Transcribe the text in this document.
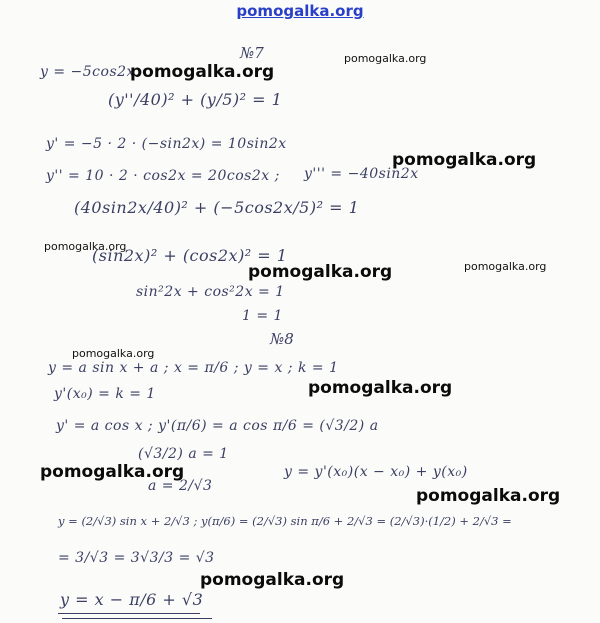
pomogalka.org
№7
y = −5cos2x
(y''/40)² + (y/5)² = 1
y' = −5 · 2 · (−sin2x) = 10sin2x
y'' = 10 · 2 · cos2x = 20cos2x ; y''' = −40sin2x
(40sin2x/40)² + (−5cos2x/5)² = 1
(sin2x)² + (cos2x)² = 1
sin²2x + cos²2x = 1
1 = 1
№8
y = a sin x + a ; x = π/6 ; y = x ; k = 1
y'(x₀) = k = 1
y' = a cos x ; y'(π/6) = a cos π/6 = (√3/2) a
(√3/2) a = 1
a = 2/√3
y = y'(x₀)(x − x₀) + y(x₀)
y = (2/√3) sin x + 2/√3 ; y(π/6) = (2/√3) sin π/6 + 2/√3 = (2/√3)·(1/2) + 2/√3 =
= 3/√3 = 3√3/3 = √3
y = x − π/6 + √3
pomogalka.org
pomogalka.org
pomogalka.org
pomogalka.org
pomogalka.org
pomogalka.org
pomogalka.org
pomogalka.org
pomogalka.org
pomogalka.org
pomogalka.org
